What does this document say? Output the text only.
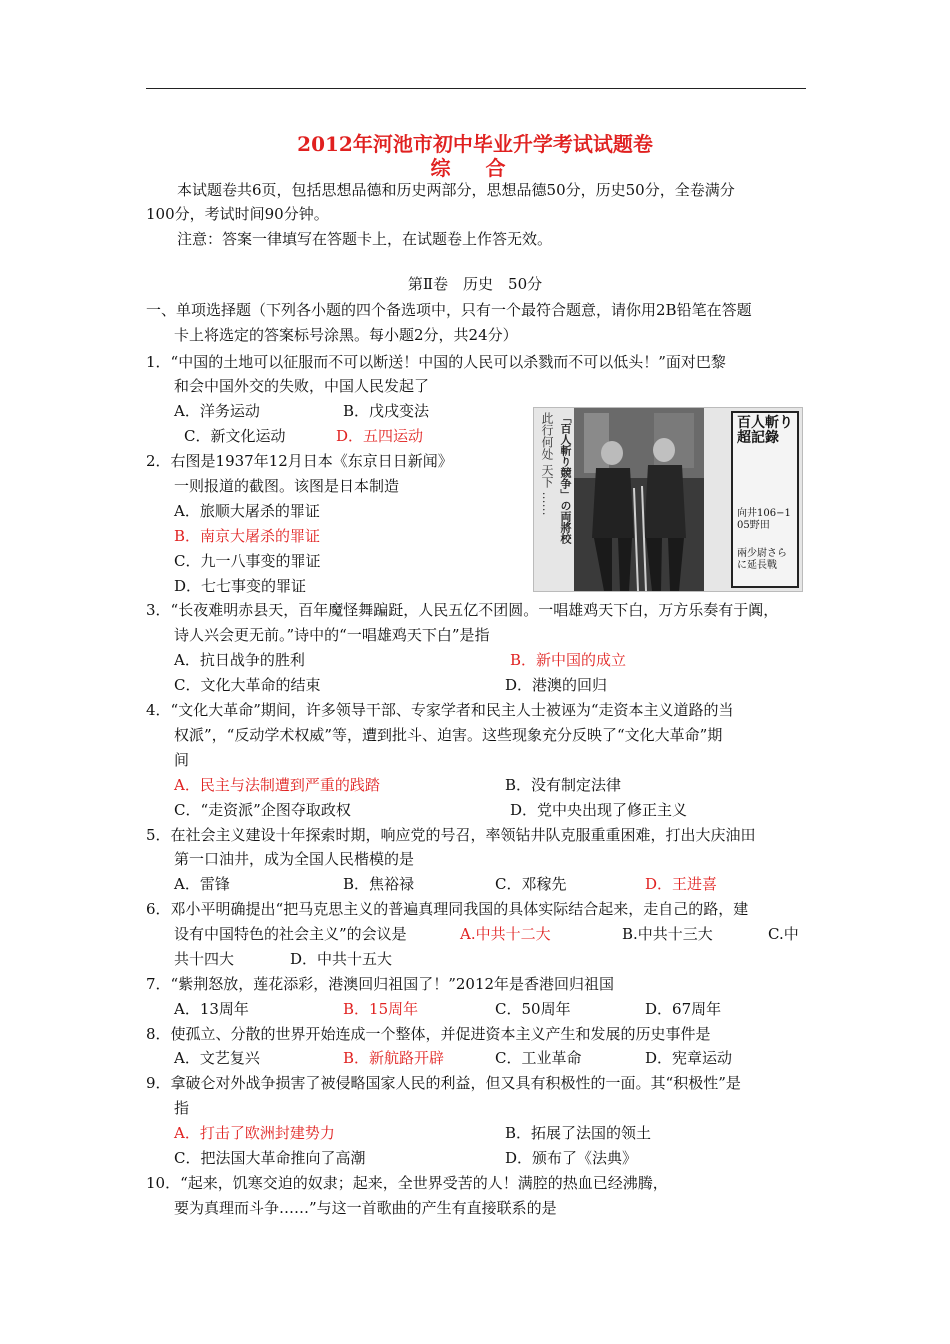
2012年河池市初中毕业升学考试试题卷
综 合
本试题卷共6页，包括思想品德和历史两部分，思想品德50分，历史50分，全卷满分
100分，考试时间90分钟。
注意：答案一律填写在答题卡上，在试题卷上作答无效。
第Ⅱ卷　历史　50分
一、单项选择题（下列各小题的四个备选项中，只有一个最符合题意，请你用2B铅笔在答题
卡上将选定的答案标号涂黑。每小题2分，共24分）
1．“中国的土地可以征服而不可以断送！中国的人民可以杀戮而不可以低头！”面对巴黎
和会中国外交的失败，中国人民发起了
A．洋务运动	B．戊戌变法
C．新文化运动	D．五四运动	此行何处 天下 …… 「百人斬り競争」の両將校	百人斬り超記錄
向井106−105野田
兩少尉さらに延長戰
2．右图是1937年12月日本《东京日日新闻》
一则报道的截图。该图是日本制造
A．旅顺大屠杀的罪证
B．南京大屠杀的罪证
C．九一八事变的罪证
D．七七事变的罪证
3．“长夜难明赤县天，百年魔怪舞蹁跹，人民五亿不团圆。一唱雄鸡天下白，万方乐奏有于阗，
诗人兴会更无前。”诗中的“一唱雄鸡天下白”是指
A．抗日战争的胜利	B．新中国的成立
C．文化大革命的结束	D．港澳的回归
4．“文化大革命”期间，许多领导干部、专家学者和民主人士被诬为“走资本主义道路的当
权派”，“反动学术权威”等，遭到批斗、迫害。这些现象充分反映了“文化大革命”期
间
A．民主与法制遭到严重的践踏	B．没有制定法律
C．“走资派”企图夺取政权	D．党中央出现了修正主义
5．在社会主义建设十年探索时期，响应党的号召，率领钻井队克服重重困难，打出大庆油田
第一口油井，成为全国人民楷模的是
A．雷锋	B．焦裕禄	C．邓稼先	D．王进喜
6．邓小平明确提出“把马克思主义的普遍真理同我国的具体实际结合起来，走自己的路，建
设有中国特色的社会主义”的会议是	A.中共十二大	B.中共十三大	C.中
共十四大	D．中共十五大
7．“紫荆怒放，莲花添彩，港澳回归祖国了！”2012年是香港回归祖国
A．13周年	B．15周年	C．50周年	D．67周年
8．使孤立、分散的世界开始连成一个整体，并促进资本主义产生和发展的历史事件是
A．文艺复兴	B．新航路开辟	C．工业革命	D．宪章运动
9．拿破仑对外战争损害了被侵略国家人民的利益，但又具有积极性的一面。其“积极性”是
指
A．打击了欧洲封建势力	B．拓展了法国的领土
C．把法国大革命推向了高潮	D．颁布了《法典》
10．“起来，饥寒交迫的奴隶；起来，全世界受苦的人！满腔的热血已经沸腾，
要为真理而斗争……”与这一首歌曲的产生有直接联系的是
